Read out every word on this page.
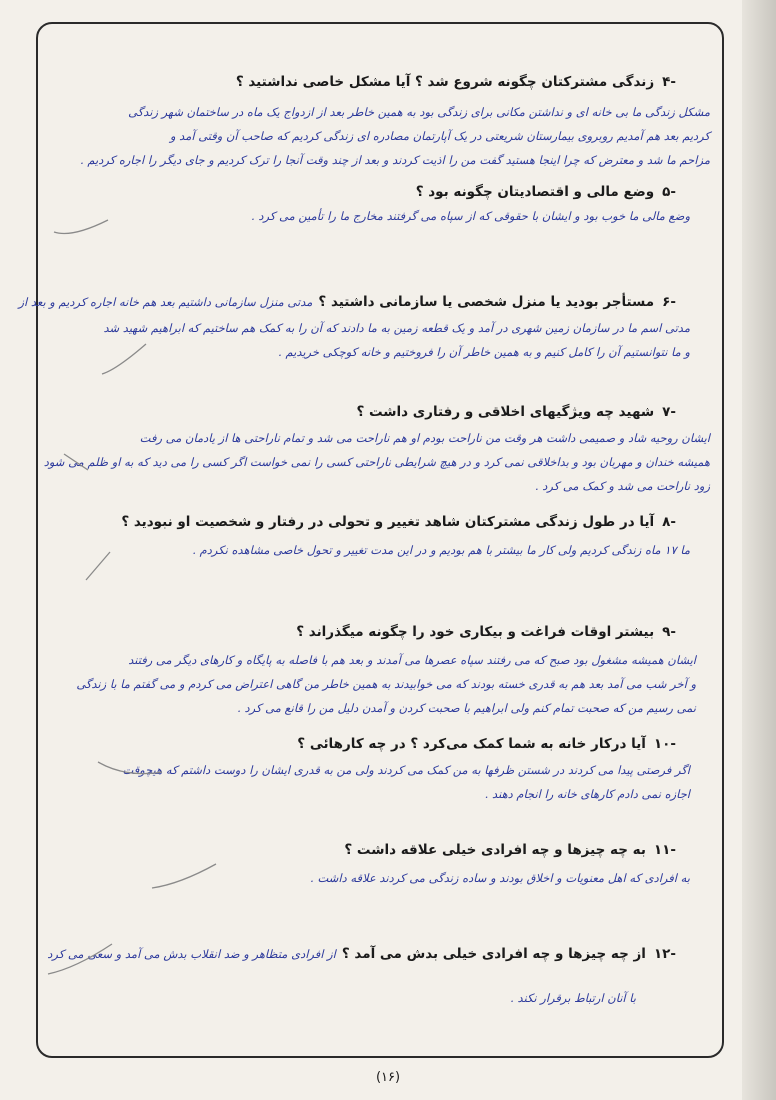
-۴زندگی مشترکتان چگونه شروع شد ؟ آیا مشکل خاصی نداشتید ؟
مشکل زندگی ما بی خانه ای و نداشتن مکانی برای زندگی بود به همین خاطر بعد از ازدواج یک ماه در ساختمان شهر زندگی
کردیم بعد هم آمدیم روبروی بیمارستان شریعتی در یک آپارتمان مصادره ای زندگی کردیم که صاحب آن وقتی آمد و
مزاحم ما شد و معترض که چرا اینجا هستید گفت من را اذیت کردند و بعد از چند وقت آنجا را ترک کردیم و جای دیگر را اجاره کردیم .
-۵وضع مالی و اقتصادیتان چگونه بود ؟
وضع مالی ما خوب بود و ایشان با حقوقی که از سپاه می گرفتند مخارج ما را تأمین می کرد .
-۶مستأجر بودید یا منزل شخصی یا سازمانی داشتید ؟مدتی منزل سازمانی داشتیم بعد هم خانه اجاره کردیم و بعد از
مدتی اسم ما در سازمان زمین شهری در آمد و یک قطعه زمین به ما دادند که آن را به کمک هم ساختیم که ابراهیم شهید شد
و ما نتوانستیم آن را کامل کنیم و به همین خاطر آن را فروختیم و خانه کوچکی خریدیم .
-۷شهید چه ویژگیهای اخلاقی و رفتاری داشت ؟
ایشان روحیه شاد و صمیمی داشت هر وقت من ناراحت بودم او هم ناراحت می شد و تمام ناراحتی ها از یادمان می رفت
همیشه خندان و مهربان بود و بداخلاقی نمی کرد و در هیچ شرایطی ناراحتی کسی را نمی خواست اگر کسی را می دید که به او ظلم می شود
زود ناراحت می شد و کمک می کرد .
-۸آیا در طول زندگی مشترکتان شاهد تغییر و تحولی در رفتار و شخصیت او نبودید ؟
ما ۱۷ ماه زندگی کردیم ولی کار ما بیشتر با هم بودیم و در این مدت تغییر و تحول خاصی مشاهده نکردم .
-۹بیشتر اوقات فراغت و بیکاری خود را چگونه میگذراند ؟
ایشان همیشه مشغول بود صبح که می رفتند سپاه عصرها می آمدند و بعد هم با فاصله به پایگاه و کارهای دیگر می رفتند
و آخر شب می آمد بعد هم به قدری خسته بودند که می خوابیدند به همین خاطر من گاهی اعتراض می کردم و می گفتم ما با زندگی
نمی رسیم من که صحبت تمام کنم ولی ابراهیم با صحبت کردن و آمدن دلیل من را قانع می کرد .
-۱۰آیا درکار خانه به شما کمک می‌کرد ؟ در چه کارهائی ؟
اگر فرصتی پیدا می کردند در شستن ظرفها به من کمک می کردند ولی من به قدری ایشان را دوست داشتم که هیچوقت
اجازه نمی دادم کارهای خانه را انجام دهند .
-۱۱به چه چیزها و چه افرادی خیلی علاقه داشت ؟
به افرادی که اهل معنویات و اخلاق بودند و ساده زندگی می کردند علاقه داشت .
-۱۲از چه چیزها و چه افرادی خیلی بدش می آمد ؟از افرادی متظاهر و ضد انقلاب بدش می آمد و سعی می کرد
با آنان ارتباط برقرار نکند .
(۱۶)
